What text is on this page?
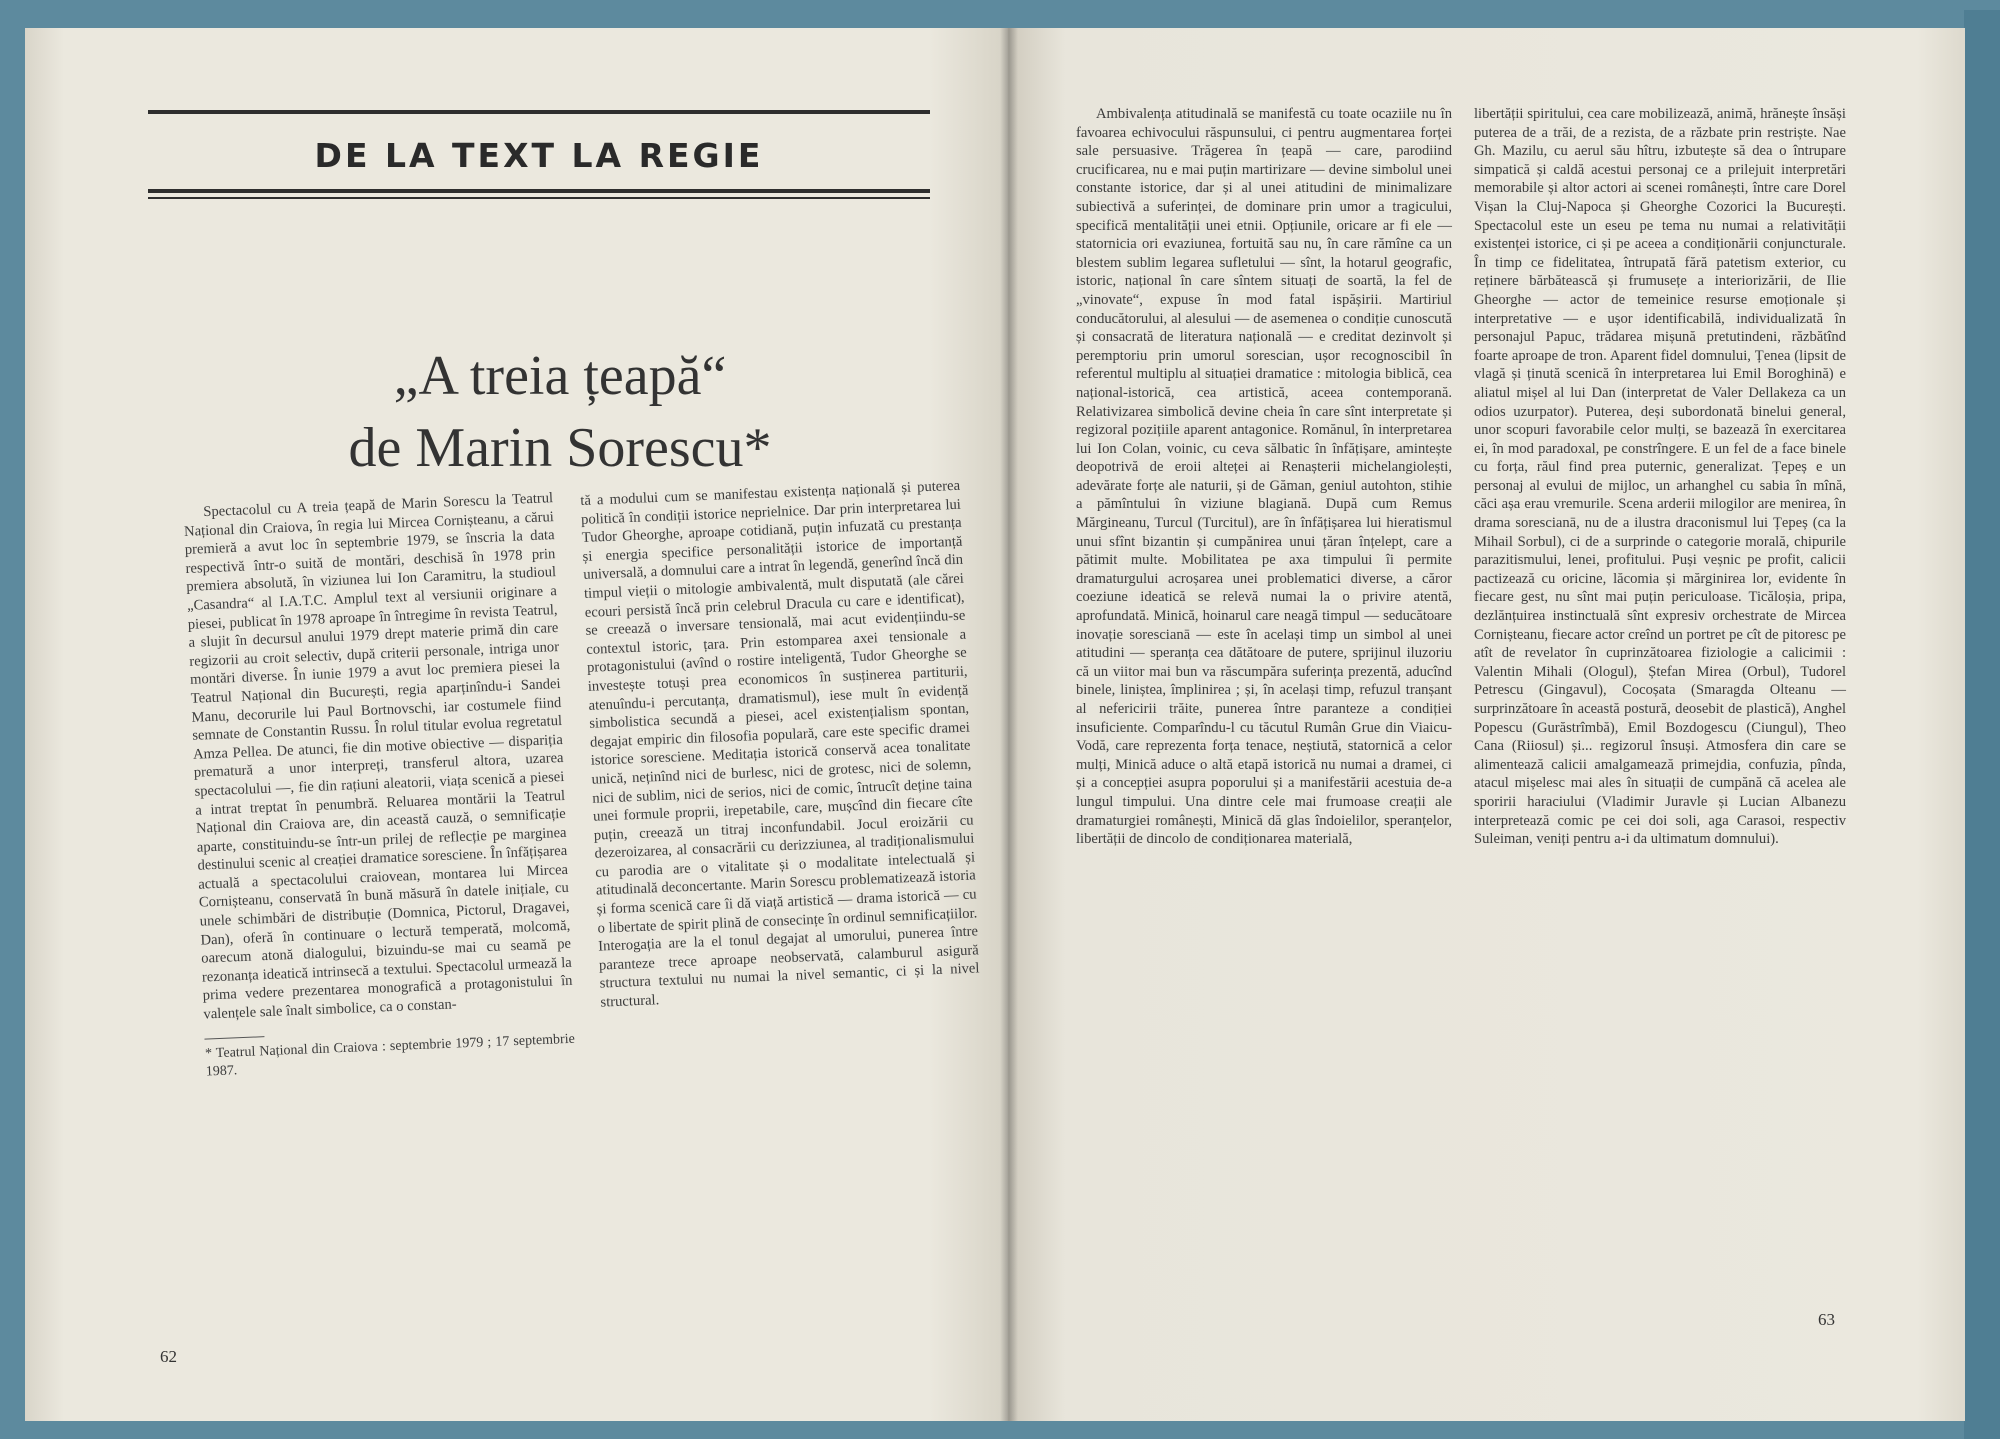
DE LA TEXT LA REGIE
„A treia țeapă“
de Marin Sorescu*

Spectacolul cu A treia țeapă de Marin Sorescu la Teatrul Național din Craiova, în regia lui Mircea Cornișteanu, a cărui premieră a avut loc în septembrie 1979, se înscria la data respectivă într-o suită de montări, deschisă în 1978 prin premiera absolută, în viziunea lui Ion Caramitru, la studioul „Casandra“ al I.A.T.C. Amplul text al versiunii originare a piesei, publicat în 1978 aproape în întregime în revista Teatrul, a slujit în decursul anului 1979 drept materie primă din care regizorii au croit selectiv, după criterii personale, intriga unor montări diverse. În iunie 1979 a avut loc premiera piesei la Teatrul Național din București, regia aparținîndu-i Sandei Manu, decorurile lui Paul Bortnovschi, iar costumele fiind semnate de Constantin Russu. În rolul titular evolua regretatul Amza Pellea. De atunci, fie din motive obiective — dispariția prematură a unor interpreți, transferul altora, uzarea spectacolului —, fie din rațiuni aleatorii, viața scenică a piesei a intrat treptat în penumbră. Reluarea montării la Teatrul Național din Craiova are, din această cauză, o semnificație aparte, constituindu-se într-un prilej de reflecție pe marginea destinului scenic al creației dramatice soresciene. În înfățișarea actuală a spectacolului craiovean, montarea lui Mircea Cornișteanu, conservată în bună măsură în datele inițiale, cu unele schimbări de distribuție (Domnica, Pictorul, Dragavei, Dan), oferă în continuare o lectură temperată, molcomă, oarecum atonă dialogului, bizuindu-se mai cu seamă pe rezonanța ideatică intrinsecă a textului. Spectacolul urmează la prima vedere prezentarea monografică a protagonistului în valențele sale înalt simbolice, ca o constan-

* Teatrul Național din Craiova : septembrie 1979 ; 17 septembrie 1987.

tă a modului cum se manifestau existența națională și puterea politică în condiții istorice neprielnice. Dar prin interpretarea lui Tudor Gheorghe, aproape cotidiană, puțin infuzată cu prestanța și energia specifice personalității istorice de importanță universală, a domnului care a intrat în legendă, generînd încă din timpul vieții o mitologie ambivalentă, mult disputată (ale cărei ecouri persistă încă prin celebrul Dracula cu care e identificat), se creează o inversare tensională, mai acut evidențiindu-se contextul istoric, țara. Prin estomparea axei tensionale a protagonistului (avînd o rostire inteligentă, Tudor Gheorghe se investește totuși prea economicos în susținerea partiturii, atenuîndu-i percutanța, dramatismul), iese mult în evidență simbolistica secundă a piesei, acel existențialism spontan, degajat empiric din filosofia populară, care este specific dramei istorice soresciene. Meditația istorică conservă acea tonalitate unică, neținînd nici de burlesc, nici de grotesc, nici de solemn, nici de sublim, nici de serios, nici de comic, întrucît deține taina unei formule proprii, irepetabile, care, mușcînd din fiecare cîte puțin, creează un titraj inconfundabil. Jocul eroizării cu dezeroizarea, al consacrării cu derizziunea, al tradiționalismului cu parodia are o vitalitate și o modalitate intelectuală și atitudinală deconcertante. Marin Sorescu problematizează istoria și forma scenică care îi dă viață artistică — drama istorică — cu o libertate de spirit plină de consecințe în ordinul semnificațiilor. Interogația are la el tonul degajat al umorului, punerea între paranteze trece aproape neobservată, calamburul asigură structura textului nu numai la nivel semantic, ci și la nivel structural.

Ambivalența atitudinală se manifestă cu toate ocaziile nu în favoarea echivocului răspunsului, ci pentru augmentarea forței sale persuasive. Trăgerea în țeapă — care, parodiind crucificarea, nu e mai puțin martirizare — devine simbolul unei constante istorice, dar și al unei atitudini de minimalizare subiectivă a suferinței, de dominare prin umor a tragicului, specifică mentalității unei etnii. Opțiunile, oricare ar fi ele — statornicia ori evaziunea, fortuită sau nu, în care rămîne ca un blestem sublim legarea sufletului — sînt, la hotarul geografic, istoric, național în care sîntem situați de soartă, la fel de „vinovate“, expuse în mod fatal ispășirii. Martiriul conducătorului, al alesului — de asemenea o condiție cunoscută și consacrată de literatura națională — e creditat dezinvolt și peremptoriu prin umorul sorescian, ușor recognoscibil în referentul multiplu al situației dramatice : mitologia biblică, cea național-istorică, cea artistică, aceea contemporană. Relativizarea simbolică devine cheia în care sînt interpretate și regizoral pozițiile aparent antagonice. Romănul, în interpretarea lui Ion Colan, voinic, cu ceva sălbatic în înfățișare, amintește deopotrivă de eroii alteței ai Renașterii michelangiolești, adevărate forțe ale naturii, și de Găman, geniul autohton, stihie a pămîntului în viziune blagiană. După cum Remus Mărgineanu, Turcul (Turcitul), are în înfățișarea lui hieratismul unui sfînt bizantin și cumpănirea unui țăran înțelept, care a pătimit multe. Mobilitatea pe axa timpului îi permite dramaturgului acroșarea unei problematici diverse, a căror coeziune ideatică se relevă numai la o privire atentă, aprofundată. Minică, hoinarul care neagă timpul — seducătoare inovație sorescianā — este în același timp un simbol al unei atitudini — speranța cea dătătoare de putere, sprijinul iluzoriu că un viitor mai bun va răscumpăra suferința prezentă, aducînd binele, liniștea, împlinirea ; și, în același timp, refuzul tranșant al nefericirii trăite, punerea între paranteze a condiției insuficiente. Comparîndu-l cu tăcutul Rumân Grue din Viaicu-Vodă, care reprezenta forța tenace, neștiută, statornică a celor mulți, Minică aduce o altă etapă istorică nu numai a dramei, ci și a concepției asupra poporului și a manifestării acestuia de-a lungul timpului. Una dintre cele mai frumoase creații ale dramaturgiei românești, Minică dă glas îndoielilor, speranțelor, libertății de dincolo de condiționarea materială,

libertății spiritului, cea care mobilizează, animă, hrănește însăși puterea de a trăi, de a rezista, de a răzbate prin restriște. Nae Gh. Mazilu, cu aerul său hîtru, izbutește să dea o întrupare simpatică și caldă acestui personaj ce a prilejuit interpretări memorabile și altor actori ai scenei românești, între care Dorel Vișan la Cluj-Napoca și Gheorghe Cozorici la București. Spectacolul este un eseu pe tema nu numai a relativității existenței istorice, ci și pe aceea a condiționării conjuncturale. În timp ce fidelitatea, întrupată fără patetism exterior, cu reținere bărbătească și frumusețe a interiorizării, de Ilie Gheorghe — actor de temeinice resurse emoționale și interpretative — e ușor identificabilă, individualizată în personajul Papuc, trădarea mișună pretutindeni, răzbătînd foarte aproape de tron. Aparent fidel domnului, Țenea (lipsit de vlagă și ținută scenică în interpretarea lui Emil Boroghină) e aliatul mișel al lui Dan (interpretat de Valer Dellakeza ca un odios uzurpator). Puterea, deși subordonată binelui general, unor scopuri favorabile celor mulți, se bazează în exercitarea ei, în mod paradoxal, pe constrîngere. E un fel de a face binele cu forța, răul find prea puternic, generalizat. Țepeș e un personaj al evului de mijloc, un arhanghel cu sabia în mînă, căci așa erau vremurile. Scena arderii milogilor are menirea, în drama sorescianā, nu de a ilustra draconismul lui Țepeș (ca la Mihail Sorbul), ci de a surprinde o categorie morală, chipurile parazitismului, lenei, profitului. Puși veșnic pe profit, calicii pactizează cu oricine, lăcomia și mărginirea lor, evidente în fiecare gest, nu sînt mai puțin periculoase. Ticăloșia, pripa, dezlănțuirea instinctuală sînt expresiv orchestrate de Mircea Cornișteanu, fiecare actor creînd un portret pe cît de pitoresc pe atît de revelator în cuprinzătoarea fiziologie a calicimii : Valentin Mihali (Ologul), Ștefan Mirea (Orbul), Tudorel Petrescu (Gingavul), Cocoșata (Smaragda Olteanu — surprinzătoare în această postură, deosebit de plastică), Anghel Popescu (Gurăstrîmbă), Emil Bozdogescu (Ciungul), Theo Cana (Riiosul) și... regizorul însuși. Atmosfera din care se alimentează calicii amalgamează primejdia, confuzia, pînda, atacul mișelesc mai ales în situații de cumpănă că acelea ale sporirii haraciului (Vladimir Juravle și Lucian Albanezu interpretează comic pe cei doi soli, aga Carasoi, respectiv Suleiman, veniți pentru a-i da ultimatum domnului).

62
63
